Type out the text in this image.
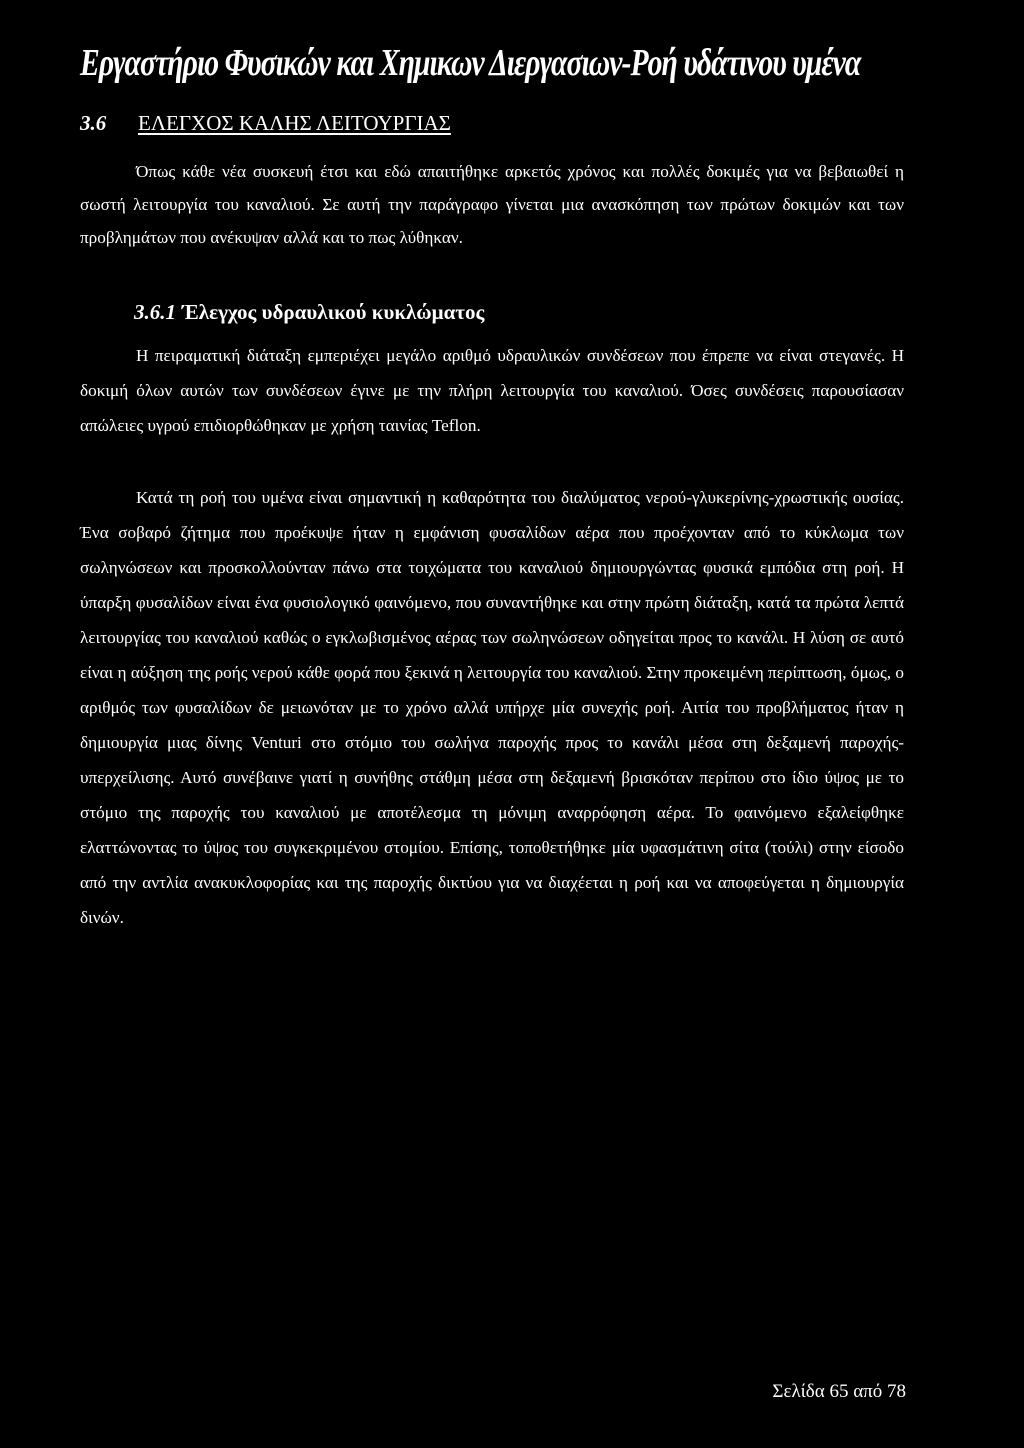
Εργαστήριο Φυσικών και Χημικων Διεργασιων-Ροή υδάτινου υμένα
3.6 ΕΛΕΓΧΟΣ ΚΑΛΗΣ ΛΕΙΤΟΥΡΓΙΑΣ

Όπως κάθε νέα συσκευή έτσι και εδώ απαιτήθηκε αρκετός χρόνος και πολλές δοκιμές για να βεβαιωθεί η σωστή λειτουργία του καναλιού. Σε αυτή την παράγραφο γίνεται μια ανασκόπηση των πρώτων δοκιμών και των προβλημάτων που ανέκυψαν αλλά και το πως λύθηκαν.

3.6.1 Έλεγχος υδραυλικού κυκλώματος

Η πειραματική διάταξη εμπεριέχει μεγάλο αριθμό υδραυλικών συνδέσεων που έπρεπε να είναι στεγανές. Η δοκιμή όλων αυτών των συνδέσεων έγινε με την πλήρη λειτουργία του καναλιού. Όσες συνδέσεις παρουσίασαν απώλειες υγρού επιδιορθώθηκαν με χρήση ταινίας Teflon.

Κατά τη ροή του υμένα είναι σημαντική η καθαρότητα του διαλύματος νερού-γλυκερίνης-χρωστικής ουσίας. Ένα σοβαρό ζήτημα που προέκυψε ήταν η εμφάνιση φυσαλίδων αέρα που προέχονταν από το κύκλωμα των σωληνώσεων και προσκολλούνταν πάνω στα τοιχώματα του καναλιού δημιουργώντας φυσικά εμπόδια στη ροή. Η ύπαρξη φυσαλίδων είναι ένα φυσιολογικό φαινόμενο, που συναντήθηκε και στην πρώτη διάταξη, κατά τα πρώτα λεπτά λειτουργίας του καναλιού καθώς ο εγκλωβισμένος αέρας των σωληνώσεων οδηγείται προς το κανάλι. Η λύση σε αυτό είναι η αύξηση της ροής νερού κάθε φορά που ξεκινά η λειτουργία του καναλιού. Στην προκειμένη περίπτωση, όμως, ο αριθμός των φυσαλίδων δε μειωνόταν με το χρόνο αλλά υπήρχε μία συνεχής ροή. Αιτία του προβλήματος ήταν η δημιουργία μιας δίνης Venturi στο στόμιο του σωλήνα παροχής προς το κανάλι μέσα στη δεξαμενή παροχής-υπερχείλισης. Αυτό συνέβαινε γιατί η συνήθης στάθμη μέσα στη δεξαμενή βρισκόταν περίπου στο ίδιο ύψος με το στόμιο της παροχής του καναλιού με αποτέλεσμα τη μόνιμη αναρρόφηση αέρα. Το φαινόμενο εξαλείφθηκε ελαττώνοντας το ύψος του συγκεκριμένου στομίου. Επίσης, τοποθετήθηκε μία υφασμάτινη σίτα (τούλι) στην είσοδο από την αντλία ανακυκλοφορίας και της παροχής δικτύου για να διαχέεται η ροή και να αποφεύγεται η δημιουργία δινών.

Σελίδα 65 από 78
